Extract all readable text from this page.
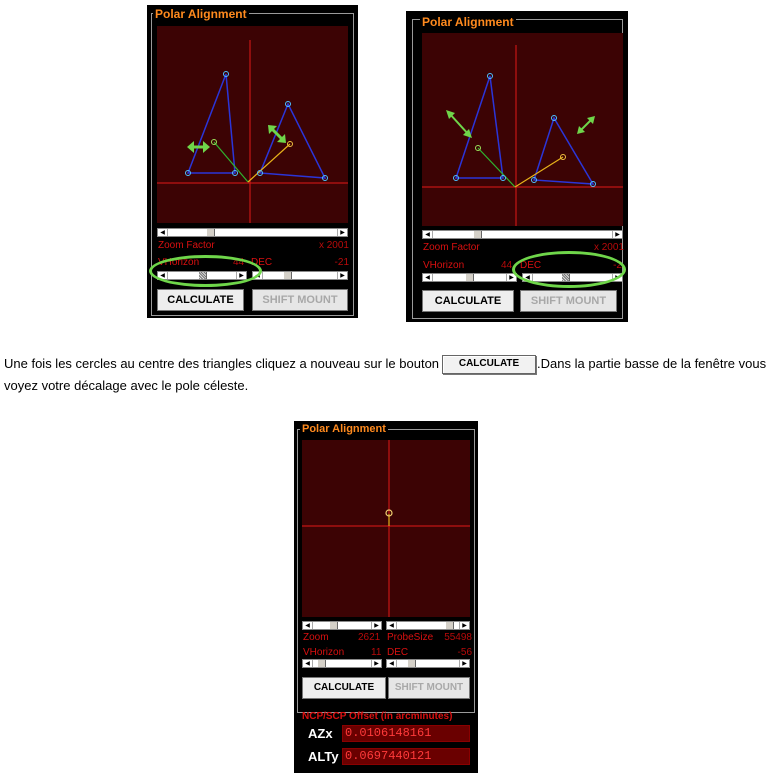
Polar Alignment
◀	▶
Zoom Factor	x 2001
VHorizon	44 DEC	-21
◀	▶	◀	▶
CALCULATE	SHIFT MOUNT
Polar Alignment
◀	▶
Zoom Factor	x 2001
VHorizon	44 DEC	-2
◀	▶	◀	▶
CALCULATE	SHIFT MOUNT
Une fois les cercles au centre des triangles cliquez a nouveau sur le bouton CALCULATE .Dans la partie basse de la fenêtre vous voyez votre décalage avec le pole céleste.
Polar Alignment
◀	▶	◀	▶
Zoom	2621 ProbeSize 55498
VHorizon	11 DEC	-56
◀	▶	◀	▶
CALCULATE	SHIFT MOUNT
NCP/SCP Offset (in arcminutes)
AZx 0.0106148161
ALTy 0.0697440121
